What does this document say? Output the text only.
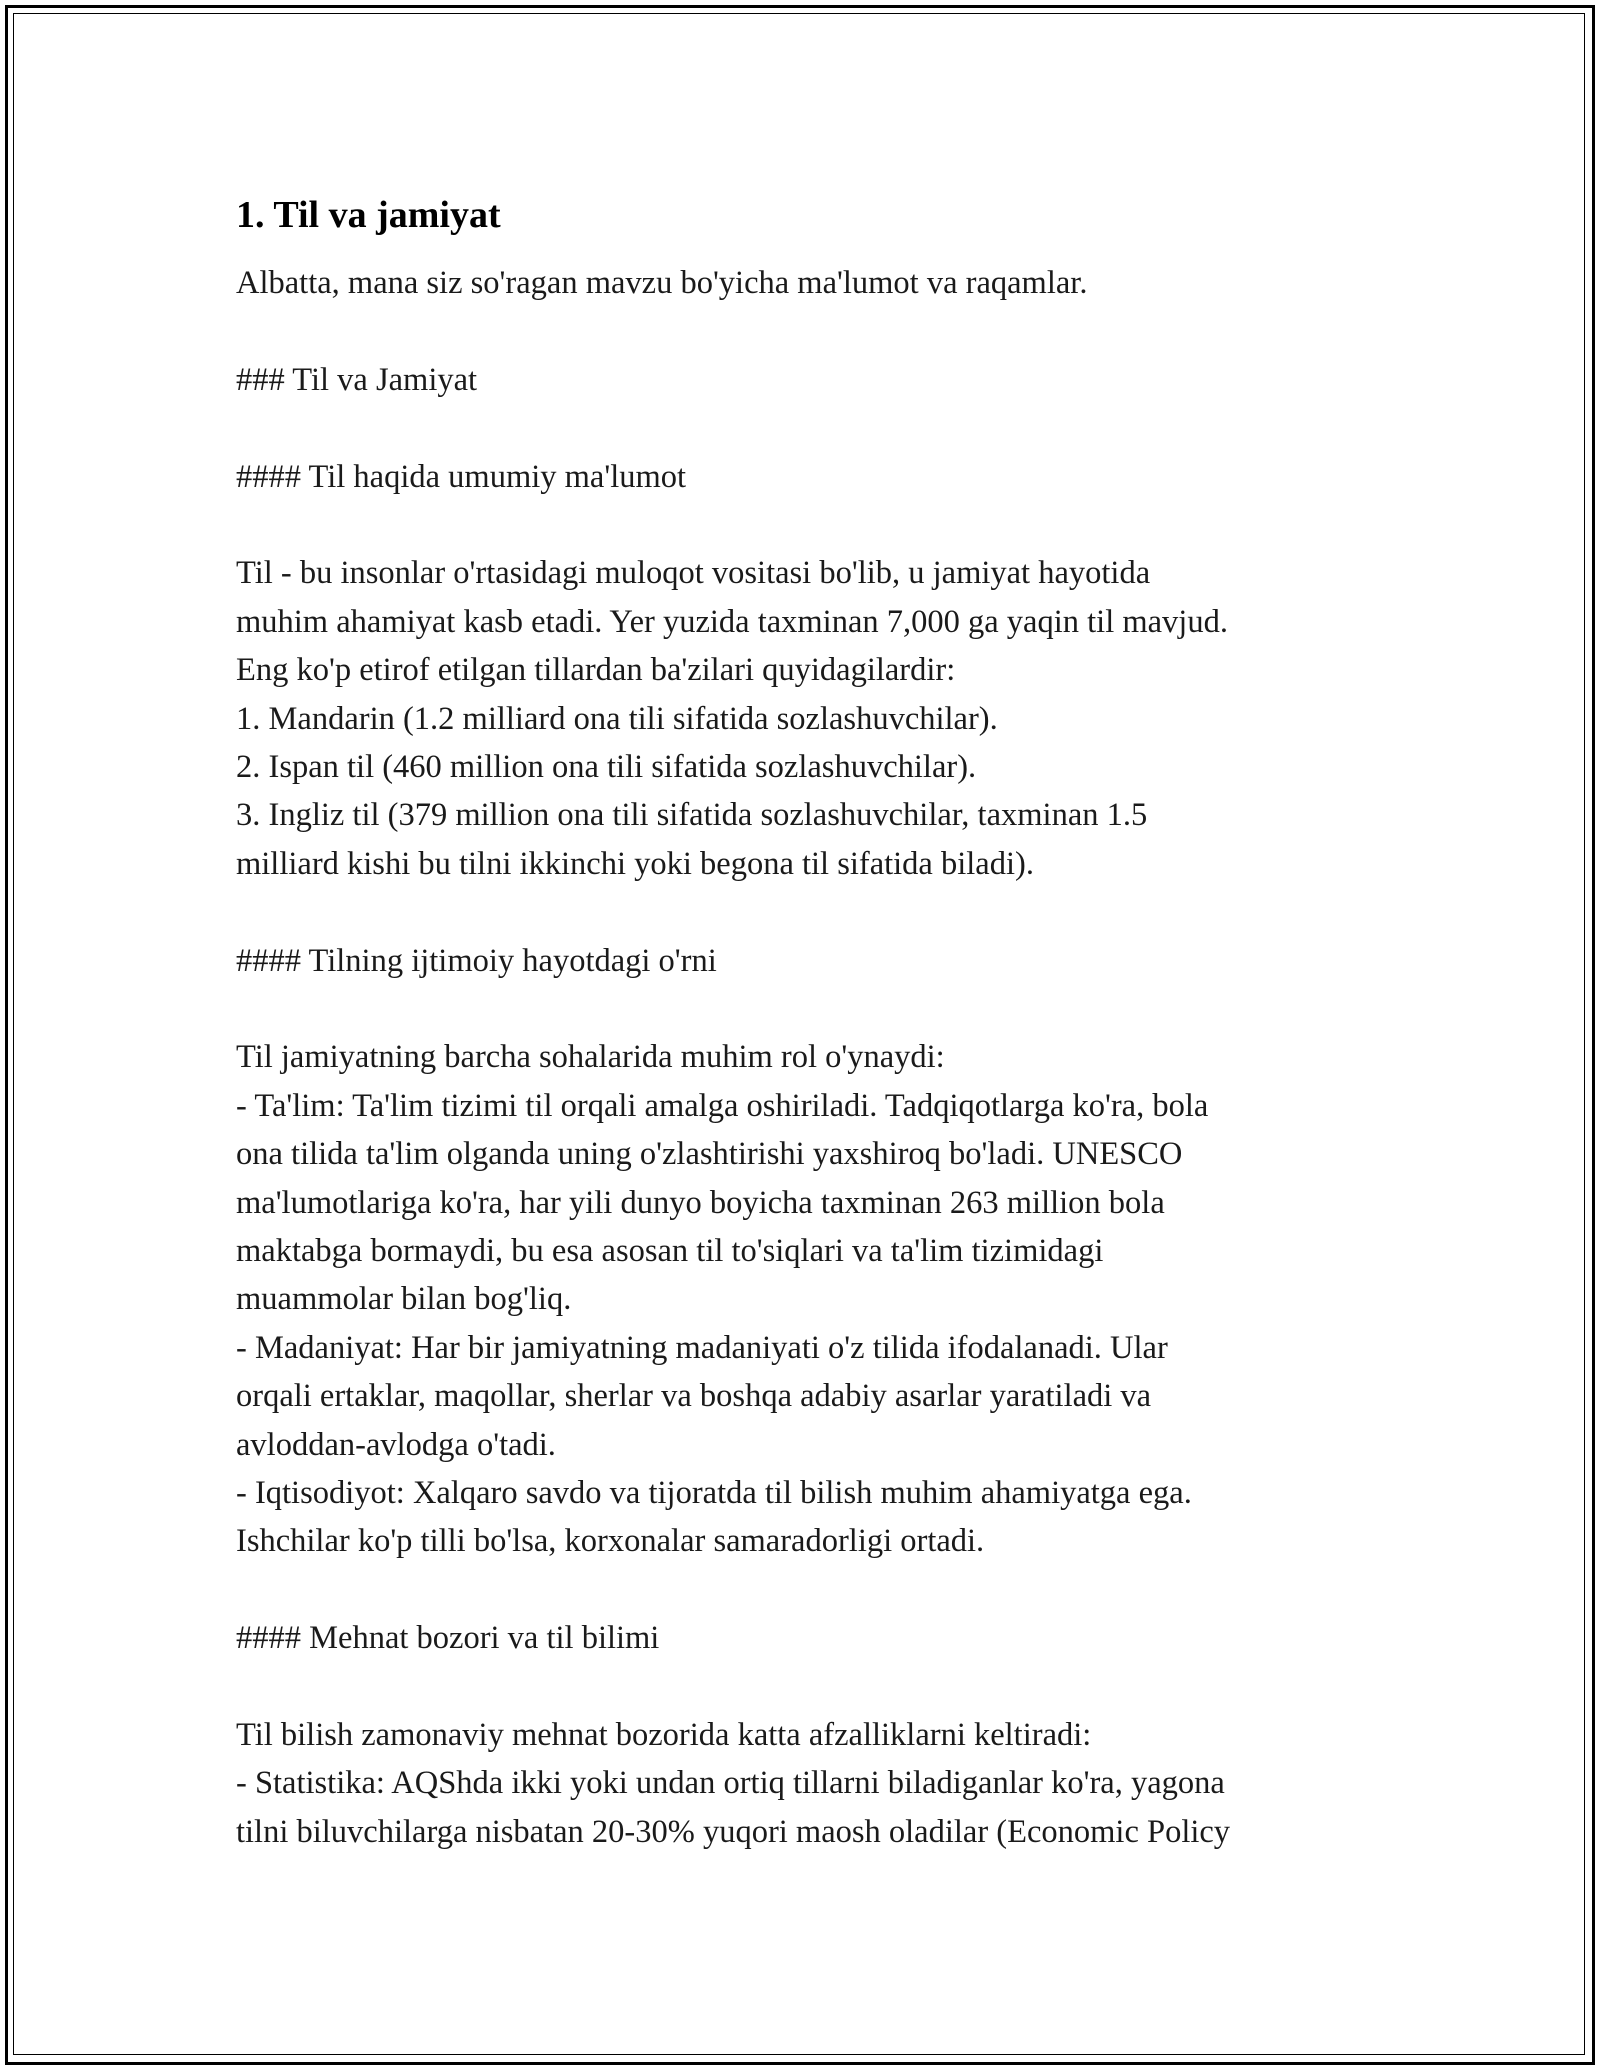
1. Til va jamiyat
Albatta, mana siz so'ragan mavzu bo'yicha ma'lumot va raqamlar.
### Til va Jamiyat
#### Til haqida umumiy ma'lumot
Til - bu insonlar o'rtasidagi muloqot vositasi bo'lib, u jamiyat hayotida
muhim ahamiyat kasb etadi. Yer yuzida taxminan 7,000 ga yaqin til mavjud.
Eng ko'p etirof etilgan tillardan ba'zilari quyidagilardir:
1. Mandarin (1.2 milliard ona tili sifatida sozlashuvchilar).
2. Ispan til (460 million ona tili sifatida sozlashuvchilar).
3. Ingliz til (379 million ona tili sifatida sozlashuvchilar, taxminan 1.5
milliard kishi bu tilni ikkinchi yoki begona til sifatida biladi).
#### Tilning ijtimoiy hayotdagi o'rni
Til jamiyatning barcha sohalarida muhim rol o'ynaydi:
- Ta'lim: Ta'lim tizimi til orqali amalga oshiriladi. Tadqiqotlarga ko'ra, bola
ona tilida ta'lim olganda uning o'zlashtirishi yaxshiroq bo'ladi. UNESCO
ma'lumotlariga ko'ra, har yili dunyo boyicha taxminan 263 million bola
maktabga bormaydi, bu esa asosan til to'siqlari va ta'lim tizimidagi
muammolar bilan bog'liq.
- Madaniyat: Har bir jamiyatning madaniyati o'z tilida ifodalanadi. Ular
orqali ertaklar, maqollar, sherlar va boshqa adabiy asarlar yaratiladi va
avloddan-avlodga o'tadi.
- Iqtisodiyot: Xalqaro savdo va tijoratda til bilish muhim ahamiyatga ega.
Ishchilar ko'p tilli bo'lsa, korxonalar samaradorligi ortadi.
#### Mehnat bozori va til bilimi
Til bilish zamonaviy mehnat bozorida katta afzalliklarni keltiradi:
- Statistika: AQShda ikki yoki undan ortiq tillarni biladiganlar ko'ra, yagona
tilni biluvchilarga nisbatan 20-30% yuqori maosh oladilar (Economic Policy
